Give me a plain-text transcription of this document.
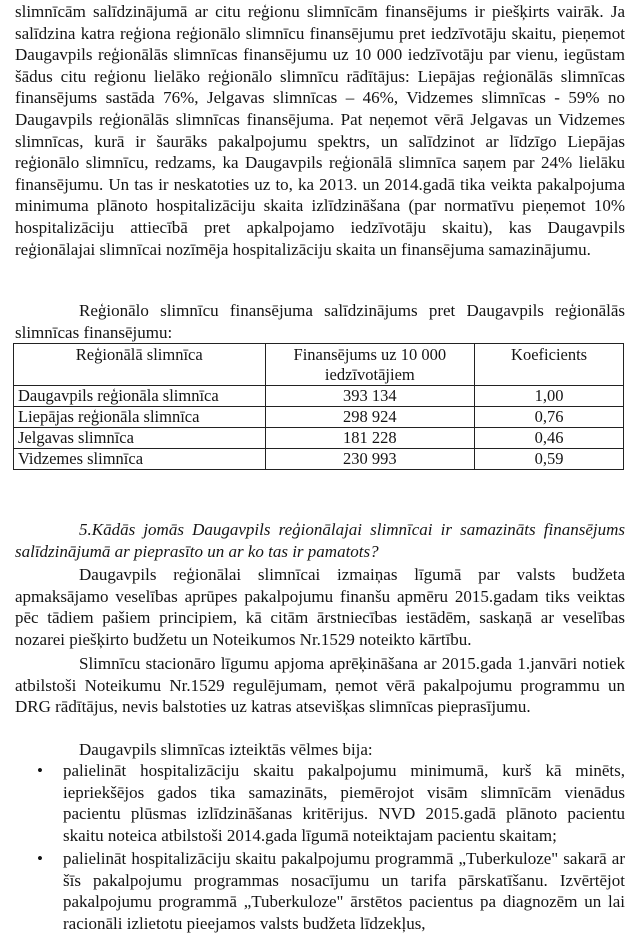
slimnīcām salīdzinājumā ar citu reģionu slimnīcām finansējums ir piešķirts vairāk. Ja salīdzina katra reģiona reģionālo slimnīcu finansējumu pret iedzīvotāju skaitu, pieņemot Daugavpils reģionālās slimnīcas finansējumu uz 10 000 iedzīvotāju par vienu, iegūstam šādus citu reģionu lielāko reģionālo slimnīcu rādītājus: Liepājas reģionālās slimnīcas finansējums sastāda 76%, Jelgavas slimnīcas – 46%, Vidzemes slimnīcas - 59% no Daugavpils reģionālās slimnīcas finansējuma. Pat neņemot vērā Jelgavas un Vidzemes slimnīcas, kurā ir šaurāks pakalpojumu spektrs, un salīdzinot ar līdzīgo Liepājas reģionālo slimnīcu, redzams, ka Daugavpils reģionālā slimnīca saņem par 24% lielāku finansējumu. Un tas ir neskatoties uz to, ka 2013. un 2014.gadā tika veikta pakalpojuma minimuma plānoto hospitalizāciju skaita izlīdzināšana (par normatīvu pieņemot 10% hospitalizāciju attiecībā pret apkalpojamo iedzīvotāju skaitu), kas Daugavpils reģionālajai slimnīcai nozīmēja hospitalizāciju skaita un finansējuma samazinājumu.

Reģionālo slimnīcu finansējuma salīdzinājums pret Daugavpils reģionālās slimnīcas finansējumu:

Reģionālā slimnīca	Finansējums uz 10 000 iedzīvotājiem	Koeficients
Daugavpils reģionāla slimnīca	393 134	1,00
Liepājas reģionāla slimnīca	298 924	0,76
Jelgavas slimnīca	181 228	0,46
Vidzemes slimnīca	230 993	0,59

5.Kādās jomās Daugavpils reģionālajai slimnīcai ir samazināts finansējums salīdzinājumā ar pieprasīto un ar ko tas ir pamatots?

Daugavpils reģionālai slimnīcai izmaiņas līgumā par valsts budžeta apmaksājamo veselības aprūpes pakalpojumu finanšu apmēru 2015.gadam tiks veiktas pēc tādiem pašiem principiem, kā citām ārstniecības iestādēm, saskaņā ar veselības nozarei piešķirto budžetu un Noteikumos Nr.1529 noteikto kārtību.

Slimnīcu stacionāro līgumu apjoma aprēķināšana ar 2015.gada 1.janvāri notiek atbilstoši Noteikumu Nr.1529 regulējumam, ņemot vērā pakalpojumu programmu un DRG rādītājus, nevis balstoties uz katras atsevišķas slimnīcas pieprasījumu.

Daugavpils slimnīcas izteiktās vēlmes bija:

• palielināt hospitalizāciju skaitu pakalpojumu minimumā, kurš kā minēts, iepriekšējos gados tika samazināts, piemērojot visām slimnīcām vienādus pacientu plūsmas izlīdzināšanas kritērijus. NVD 2015.gadā plānoto pacientu skaitu noteica atbilstoši 2014.gada līgumā noteiktajam pacientu skaitam;
• palielināt hospitalizāciju skaitu pakalpojumu programmā „Tuberkuloze" sakarā ar šīs pakalpojumu programmas nosacījumu un tarifa pārskatīšanu. Izvērtējot pakalpojumu programmā „Tuberkuloze" ārstētos pacientus pa diagnozēm un lai racionāli izlietotu pieejamos valsts budžeta līdzekļus,
